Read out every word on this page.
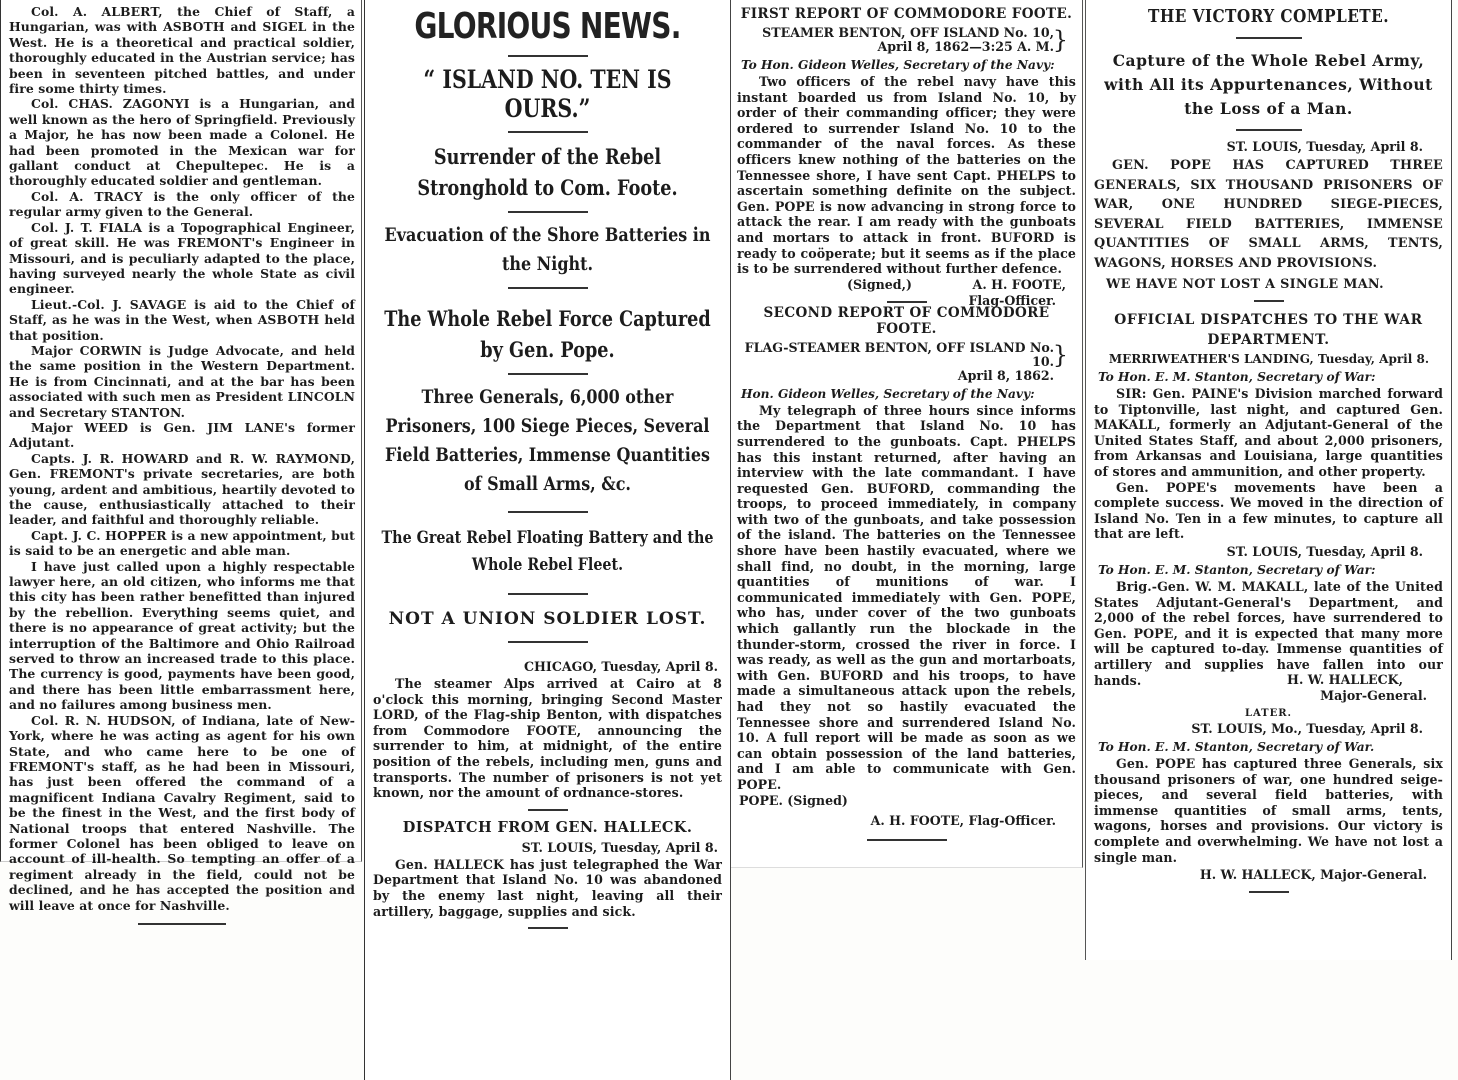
Col. A. ALBERT, the Chief of Staff, a Hungarian, was with ASBOTH and SIGEL in the West. He is a theoretical and practical soldier, thoroughly educated in the Austrian service; has been in seventeen pitched battles, and under fire some thirty times.

Col. CHAS. ZAGONYI is a Hungarian, and well known as the hero of Springfield. Previously a Major, he has now been made a Colonel. He had been promoted in the Mexican war for gallant conduct at Chepultepec. He is a thoroughly educated soldier and gentleman.

Col. A. TRACY is the only officer of the regular army given to the General.

Col. J. T. FIALA is a Topographical Engineer, of great skill. He was FREMONT's Engineer in Missouri, and is peculiarly adapted to the place, having surveyed nearly the whole State as civil engineer.

Lieut.-Col. J. SAVAGE is aid to the Chief of Staff, as he was in the West, when ASBOTH held that position.

Major CORWIN is Judge Advocate, and held the same position in the Western Department. He is from Cincinnati, and at the bar has been associated with such men as President LINCOLN and Secretary STANTON.

Major WEED is Gen. JIM LANE's former Adjutant.

Capts. J. R. HOWARD and R. W. RAYMOND, Gen. FREMONT's private secretaries, are both young, ardent and ambitious, heartily devoted to the cause, enthusiastically attached to their leader, and faithful and thoroughly reliable.

Capt. J. C. HOPPER is a new appointment, but is said to be an energetic and able man.

I have just called upon a highly respectable lawyer here, an old citizen, who informs me that this city has been rather benefitted than injured by the rebellion. Everything seems quiet, and there is no appearance of great activity; but the interruption of the Baltimore and Ohio Railroad served to throw an increased trade to this place. The currency is good, payments have been good, and there has been little embarrassment here, and no failures among business men.

Col. R. N. HUDSON, of Indiana, late of New-York, where he was acting as agent for his own State, and who came here to be one of FREMONT's staff, as he had been in Missouri, has just been offered the command of a magnificent Indiana Cavalry Regiment, said to be the finest in the West, and the first body of National troops that entered Nashville. The former Colonel has been obliged to leave on account of ill-health. So tempting an offer of a regiment already in the field, could not be declined, and he has accepted the position and will leave at once for Nashville.

GLORIOUS NEWS.
“ ISLAND NO. TEN IS OURS.”
Surrender of the Rebel Stronghold to Com. Foote.
Evacuation of the Shore Batteries in the Night.
The Whole Rebel Force Captured by Gen. Pope.
Three Generals, 6,000 other Prisoners, 100 Siege Pieces, Several Field Batteries, Immense Quantities of Small Arms, &c.
The Great Rebel Floating Battery and the Whole Rebel Fleet.
NOT A UNION SOLDIER LOST.
CHICAGO, Tuesday, April 8.

The steamer Alps arrived at Cairo at 8 o'clock this morning, bringing Second Master LORD, of the Flag-ship Benton, with dispatches from Commodore FOOTE, announcing the surrender to him, at midnight, of the entire position of the rebels, including men, guns and transports. The number of prisoners is not yet known, nor the amount of ordnance-stores.

DISPATCH FROM GEN. HALLECK.
ST. LOUIS, Tuesday, April 8.

Gen. HALLECK has just telegraphed the War Department that Island No. 10 was abandoned by the enemy last night, leaving all their artillery, baggage, supplies and sick.

FIRST REPORT OF COMMODORE FOOTE.
STEAMER BENTON, OFF ISLAND No. 10,
April 8, 1862—3:25 A. M.
}
To Hon. Gideon Welles, Secretary of the Navy:

Two officers of the rebel navy have this instant boarded us from Island No. 10, by order of their commanding officer; they were ordered to surrender Island No. 10 to the commander of the naval forces. As these officers knew nothing of the batteries on the Tennessee shore, I have sent Capt. PHELPS to ascertain something definite on the subject. Gen. POPE is now advancing in strong force to attack the rear. I am ready with the gunboats and mortars to attack in front. BUFORD is ready to coöperate; but it seems as if the place is to be surrendered without further defence.

(Signed,)	A. H. FOOTE,
Flag-Officer.
SECOND REPORT OF COMMODORE FOOTE.
FLAG-STEAMER BENTON, OFF ISLAND No. 10.
April 8, 1862.
}
Hon. Gideon Welles, Secretary of the Navy:

My telegraph of three hours since informs the Department that Island No. 10 has surrendered to the gunboats. Capt. PHELPS has this instant returned, after having an interview with the late commandant. I have requested Gen. BUFORD, commanding the troops, to proceed immediately, in company with two of the gunboats, and take possession of the island. The batteries on the Tennessee shore have been hastily evacuated, where we shall find, no doubt, in the morning, large quantities of munitions of war. I communicated immediately with Gen. POPE, who has, under cover of the two gunboats which gallantly run the blockade in the thunder-storm, crossed the river in force. I was ready, as well as the gun and mortarboats, with Gen. BUFORD and his troops, to have made a simultaneous attack upon the rebels, had they not so hastily evacuated the Tennessee shore and surrendered Island No. 10. A full report will be made as soon as we can obtain possession of the land batteries, and I am able to communicate with Gen. POPE.

POPE. (Signed)
A. H. FOOTE, Flag-Officer.
THE VICTORY COMPLETE.
Capture of the Whole Rebel Army, with All its Appurtenances, Without the Loss of a Man.
ST. LOUIS, Tuesday, April 8.

GEN. POPE HAS CAPTURED THREE GENERALS, SIX THOUSAND PRISONERS OF WAR, ONE HUNDRED SIEGE-PIECES, SEVERAL FIELD BATTERIES, IMMENSE QUANTITIES OF SMALL ARMS, TENTS, WAGONS, HORSES AND PROVISIONS.

WE HAVE NOT LOST A SINGLE MAN.
OFFICIAL DISPATCHES TO THE WAR DEPARTMENT.
MERRIWEATHER'S LANDING, Tuesday, April 8.
To Hon. E. M. Stanton, Secretary of War:

SIR: Gen. PAINE's Division marched forward to Tiptonville, last night, and captured Gen. MAKALL, formerly an Adjutant-General of the United States Staff, and about 2,000 prisoners, from Arkansas and Louisiana, large quantities of stores and ammunition, and other property.

Gen. POPE's movements have been a complete success. We moved in the direction of Island No. Ten in a few minutes, to capture all that are left.

ST. LOUIS, Tuesday, April 8.
To Hon. E. M. Stanton, Secretary of War:

Brig.-Gen. W. M. MAKALL, late of the United States Adjutant-General's Department, and 2,000 of the rebel forces, have surrendered to Gen. POPE, and it is expected that many more will be captured to-day. Immense quantities of artillery and supplies have fallen into our hands.	H. W. HALLECK,
Major-General.
LATER.
ST. LOUIS, Mo., Tuesday, April 8.
To Hon. E. M. Stanton, Secretary of War.

Gen. POPE has captured three Generals, six thousand prisoners of war, one hundred seige-pieces, and several field batteries, with immense quantities of small arms, tents, wagons, horses and provisions. Our victory is complete and overwhelming. We have not lost a single man.

H. W. HALLECK, Major-General.
